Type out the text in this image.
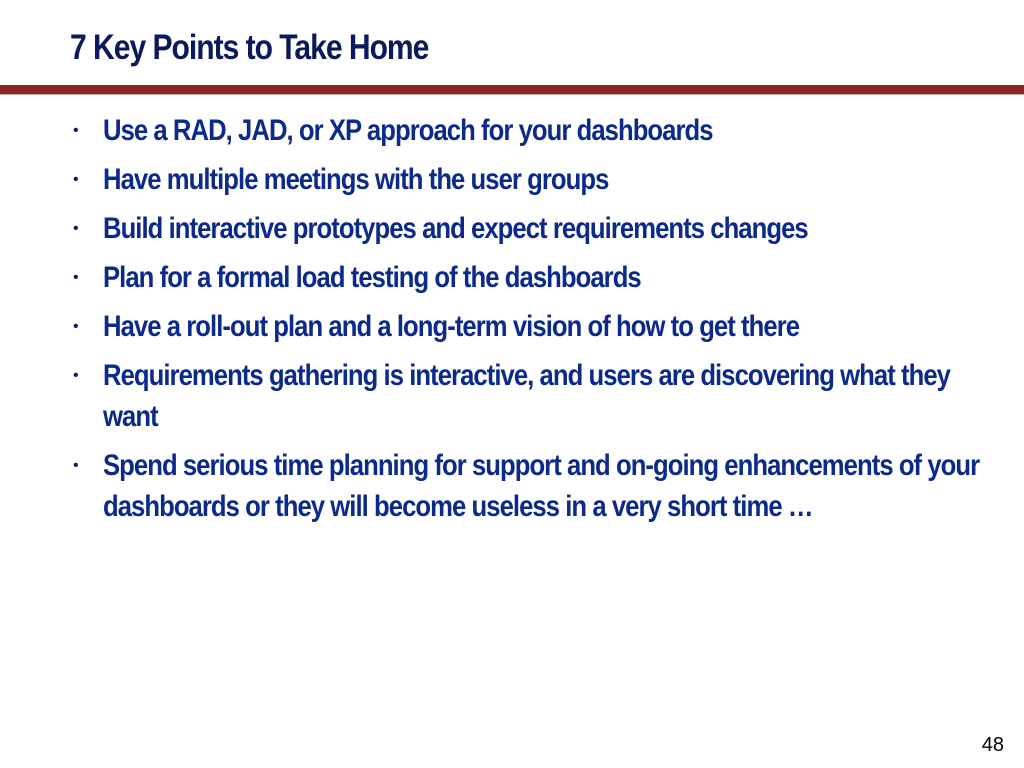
7 Key Points to Take Home
• Use a RAD, JAD, or XP approach for your dashboards
• Have multiple meetings with the user groups
• Build interactive prototypes and expect requirements changes
• Plan for a formal load testing of the dashboards
• Have a roll-out plan and a long-term vision of how to get there
• Requirements gathering is interactive, and users are discovering what they want
• Spend serious time planning for support and on-going enhancements of your dashboards or they will become useless in a very short time …
48
